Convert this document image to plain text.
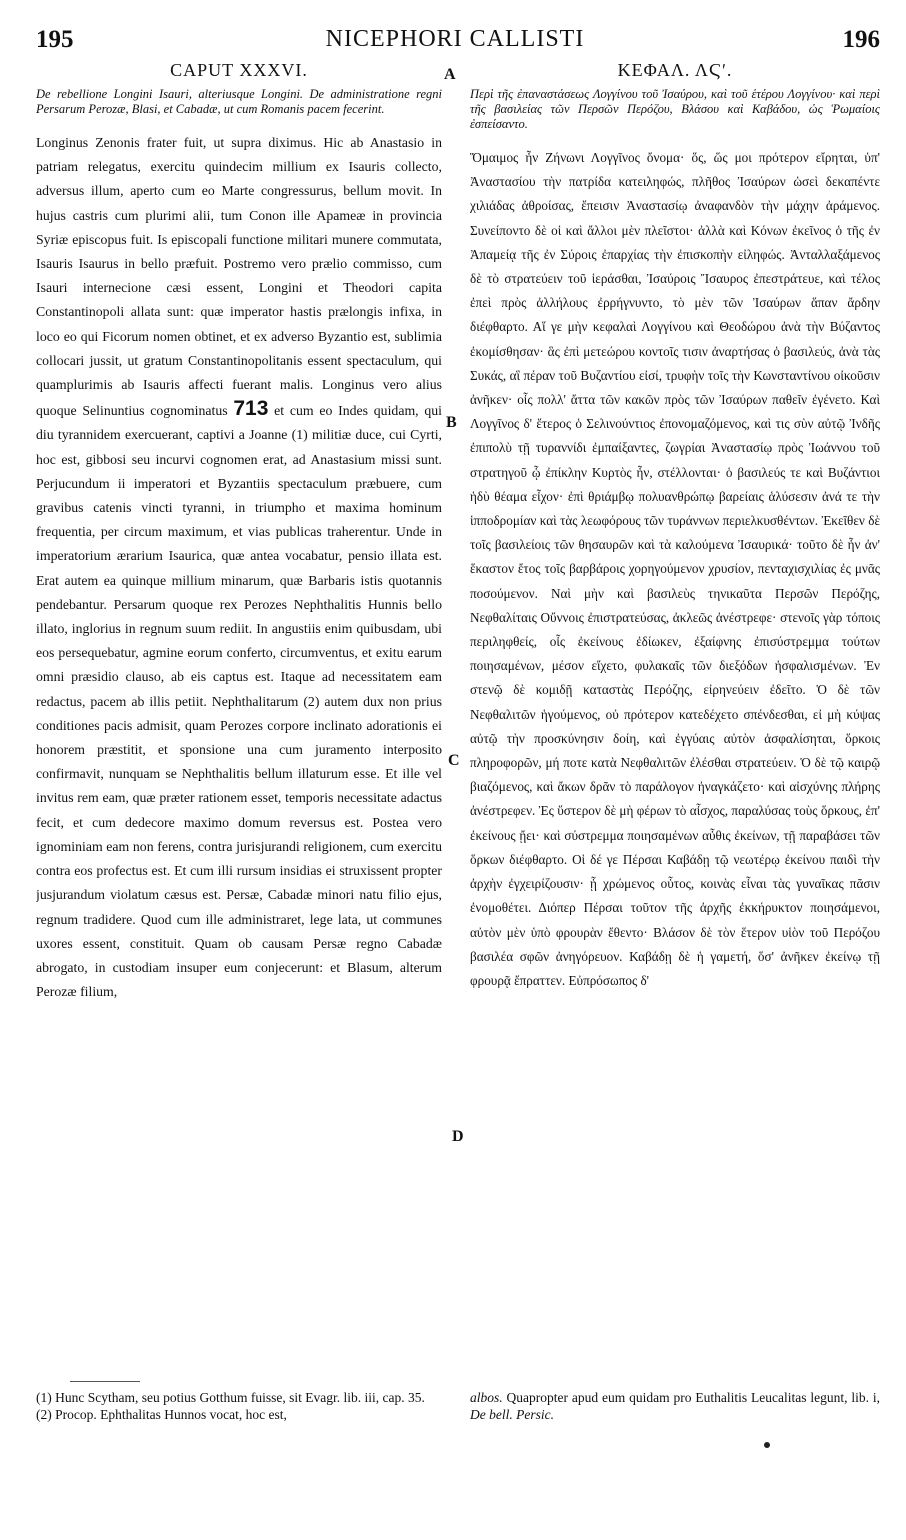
195	NICEPHORI CALLISTI	196
A
B
C
D
CAPUT XXXVI.

De rebellione Longini Isauri, alteriusque Longini. De administratione regni Persarum Perozæ, Blasi, et Cabadæ, ut cum Romanis pacem fecerint.

Longinus Zenonis frater fuit, ut supra diximus. Hic ab Anastasio in patriam relegatus, exercitu quindecim millium ex Isauris collecto, adversus illum, aperto cum eo Marte congressurus, bellum movit. In hujus castris cum plurimi alii, tum Conon ille Apameæ in provincia Syriæ episcopus fuit. Is episcopali functione militari munere commutata, Isauris Isaurus in bello præfuit. Postremo vero prælio commisso, cum Isauri internecione cæsi essent, Longini et Theodori capita Constantinopoli allata sunt: quæ imperator hastis prælongis infixa, in loco eo qui Ficorum nomen obtinet, et ex adverso Byzantio est, sublimia collocari jussit, ut gratum Constantinopolitanis essent spectaculum, qui quamplurimis ab Isauris affecti fuerant malis. Longinus vero alius quoque Selinuntius cognominatus 713 et cum eo Indes quidam, qui diu tyrannidem exercuerant, captivi a Joanne (1) militiæ duce, cui Cyrti, hoc est, gibbosi seu incurvi cognomen erat, ad Anastasium missi sunt. Perjucundum ii imperatori et Byzantiis spectaculum præbuere, cum gravibus catenis vincti tyranni, in triumpho et maxima hominum frequentia, per circum maximum, et vias publicas traherentur. Unde in imperatorium ærarium Isaurica, quæ antea vocabatur, pensio illata est. Erat autem ea quinque millium minarum, quæ Barbaris istis quotannis pendebantur. Persarum quoque rex Perozes Nephthalitis Hunnis bello illato, inglorius in regnum suum rediit. In angustiis enim quibusdam, ubi eos persequebatur, agmine eorum conferto, circumventus, et exitu earum omni præsidio clauso, ab eis captus est. Itaque ad necessitatem eam redactus, pacem ab illis petiit. Nephthalitarum (2) autem dux non prius conditiones pacis admisit, quam Perozes corpore inclinato adorationis ei honorem præstitit, et sponsione una cum juramento interposito confirmavit, nunquam se Nephthalitis bellum illaturum esse. Et ille vel invitus rem eam, quæ præter rationem esset, temporis necessitate adactus fecit, et cum dedecore maximo domum reversus est. Postea vero ignominiam eam non ferens, contra jurisjurandi religionem, cum exercitu contra eos profectus est. Et cum illi rursum insidias ei struxissent propter jusjurandum violatum cæsus est. Persæ, Cabadæ minori natu filio ejus, regnum tradidere. Quod cum ille administraret, lege lata, ut communes uxores essent, constituit. Quam ob causam Persæ regno Cabadæ abrogato, in custodiam insuper eum conjecerunt: et Blasum, alterum Perozæ filium,

ΚΕΦΑΛ. ΛϚʹ.

Περὶ τῆς ἐπαναστάσεως Λογγίνου τοῦ Ἰσαύρου, καὶ τοῦ ἑτέρου Λογγίνου· καὶ περὶ τῆς βασιλείας τῶν Περσῶν Περόζου, Βλάσου καὶ Καβάδου, ὡς Ῥωμαίοις ἐσπείσαντο.

Ὅμαιμος ἦν Ζήνωνι Λογγῖνος ὄνομα· ὅς, ὥς μοι πρότερον εἴρηται, ὑπ' Ἀναστασίου τὴν πατρίδα κατειληφώς, πλῆθος Ἰσαύρων ὡσεὶ δεκαπέντε χιλιάδας ἀθροίσας, ἔπεισιν Ἀναστασίῳ ἀναφανδὸν τὴν μάχην ἀράμενος. Συνείποντο δὲ οἱ καὶ ἄλλοι μὲν πλεῖστοι· ἀλλὰ καὶ Κόνων ἐκεῖνος ὁ τῆς ἐν Ἀπαμείᾳ τῆς ἐν Σύροις ἐπαρχίας τὴν ἐπισκοπὴν εἰληφώς. Ἀνταλλαξάμενος δὲ τὸ στρατεύειν τοῦ ἱεράσθαι, Ἰσαύροις Ἴσαυρος ἐπεστράτευε, καὶ τέλος ἐπεὶ πρὸς ἀλλήλους ἐρρήγνυντο, τὸ μὲν τῶν Ἰσαύρων ἅπαν ἄρδην διέφθαρτο. Αἵ γε μὴν κεφαλαὶ Λογγίνου καὶ Θεοδώρου ἀνὰ τὴν Βύζαντος ἐκομίσθησαν· ἃς ἐπὶ μετεώρου κοντοῖς τισιν ἀναρτήσας ὁ βασιλεύς, ἀνὰ τὰς Συκάς, αἳ πέραν τοῦ Βυζαντίου εἰσί, τρυφὴν τοῖς τὴν Κωνσταντίνου οἰκοῦσιν ἀνῆκεν· οἷς πολλ' ἄττα τῶν κακῶν πρὸς τῶν Ἰσαύρων παθεῖν ἐγένετο. Καὶ Λογγῖνος δ' ἕτερος ὁ Σελινούντιος ἐπονομαζόμενος, καὶ τις σὺν αὐτῷ Ἰνδῆς ἐπιπολὺ τῇ τυραννίδι ἐμπαίξαντες, ζωγρίαι Ἀναστασίῳ πρὸς Ἰωάννου τοῦ στρατηγοῦ ᾧ ἐπίκλην Κυρτὸς ἦν, στέλλονται· ὁ βασιλεύς τε καὶ Βυζάντιοι ἡδὺ θέαμα εἶχον· ἐπὶ θριάμβῳ πολυανθρώπῳ βαρείαις ἁλύσεσιν ἀνά τε τὴν ἱπποδρομίαν καὶ τὰς λεωφόρους τῶν τυράννων περιελκυσθέντων. Ἐκεῖθεν δὲ τοῖς βασιλείοις τῶν θησαυρῶν καὶ τὰ καλούμενα Ἰσαυρικά· τοῦτο δὲ ἦν ἀν' ἕκαστον ἔτος τοῖς βαρβάροις χορηγούμενον χρυσίον, πενταχισχιλίας ἐς μνᾶς ποσούμενον. Ναὶ μὴν καὶ βασιλεὺς τηνικαῦτα Περσῶν Περόζης, Νεφθαλίταις Οὔννοις ἐπιστρατεύσας, ἀκλεῶς ἀνέστρεφε· στενοῖς γὰρ τόποις περιληφθείς, οἷς ἐκείνους ἐδίωκεν, ἐξαίφνης ἐπισύστρεμμα τούτων ποιησαμένων, μέσον εἴχετο, φυλακαῖς τῶν διεξόδων ἠσφαλισμένων. Ἐν στενῷ δὲ κομιδῇ καταστὰς Περόζης, εἰρηνεύειν ἐδεῖτο. Ὁ δὲ τῶν Νεφθαλιτῶν ἡγούμενος, οὐ πρότερον κατεδέχετο σπένδεσθαι, εἰ μὴ κύψας αὐτῷ τὴν προσκύνησιν δοίη, καὶ ἐγγύαις αὐτὸν ἀσφαλίσηται, ὅρκοις πληροφορῶν, μή ποτε κατὰ Νεφθαλιτῶν ἐλέσθαι στρατεύειν. Ὁ δὲ τῷ καιρῷ βιαζόμενος, καὶ ἄκων δρᾶν τὸ παράλογον ἠναγκάζετο· καὶ αἰσχύνης πλήρης ἀνέστρεφεν. Ἐς ὕστερον δὲ μὴ φέρων τὸ αἶσχος, παραλύσας τοὺς ὅρκους, ἐπ' ἐκείνους ᾔει· καὶ σύστρεμμα ποιησαμένων αὖθις ἐκείνων, τῇ παραβάσει τῶν ὅρκων διέφθαρτο. Οἱ δέ γε Πέρσαι Καβάδῃ τῷ νεωτέρῳ ἐκείνου παιδὶ τὴν ἀρχὴν ἐγχειρίζουσιν· ᾗ χρώμενος οὗτος, κοινὰς εἶναι τὰς γυναῖκας πᾶσιν ἐνομοθέτει. Διόπερ Πέρσαι τοῦτον τῆς ἀρχῆς ἐκκήρυκτον ποιησάμενοι, αὐτὸν μὲν ὑπὸ φρουρὰν ἔθεντο· Βλάσον δὲ τὸν ἕτερον υἱὸν τοῦ Περόζου βασιλέα σφῶν ἀνηγόρευον. Καβάδῃ δὲ ἡ γαμετή, ὅσ' ἀνῆκεν ἐκείνῳ τῇ φρουρᾷ ἔπραττεν. Εὐπρόσωπος δ'

(1) Hunc Scytham, seu potius Gotthum fuisse, sit Evagr. lib. iii, cap. 35.

(2) Procop. Ephthalitas Hunnos vocat, hoc est,

albos. Quapropter apud eum quidam pro Euthalitis Leucalitas legunt, lib. i, De bell. Persic.
